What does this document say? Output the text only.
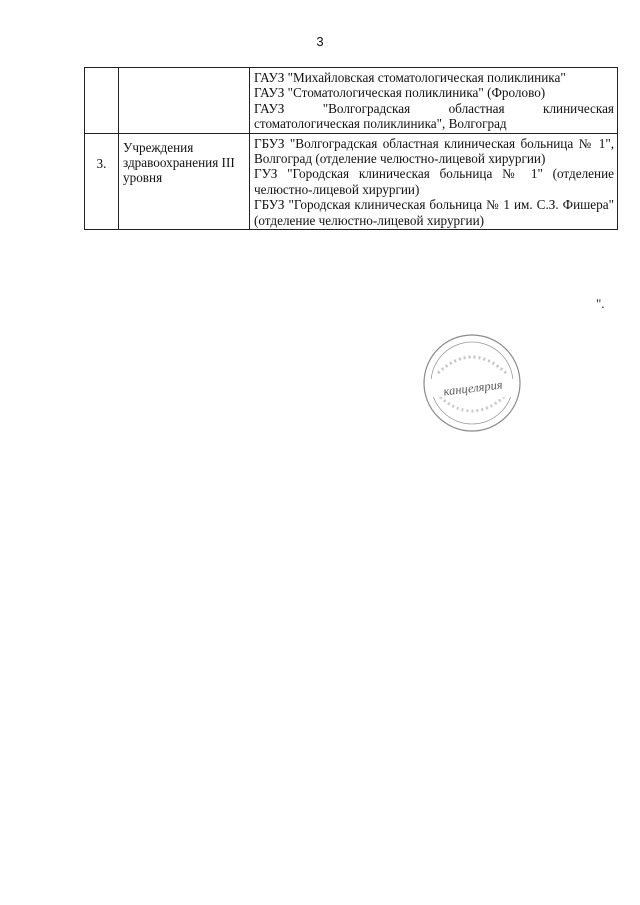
3

		ГАУЗ "Михайловская стоматологическая поликлиника"
ГАУЗ "Стоматологическая поликлиника" (Фролово)
ГАУЗ "Волгоградская областная клиническая стоматологическая поликлиника", Волгоград

3.	Учреждения здравоохранения III уровня	ГБУЗ "Волгоградская областная клиническая больница № 1", Волгоград (отделение челюстно-лицевой хирургии)
ГУЗ "Городская клиническая больница № 1" (отделение челюстно-лицевой хирургии)
ГБУЗ "Городская клиническая больница № 1 им. С.З. Фишера" (отделение челюстно-лицевой хирургии)
".
канцелярия
